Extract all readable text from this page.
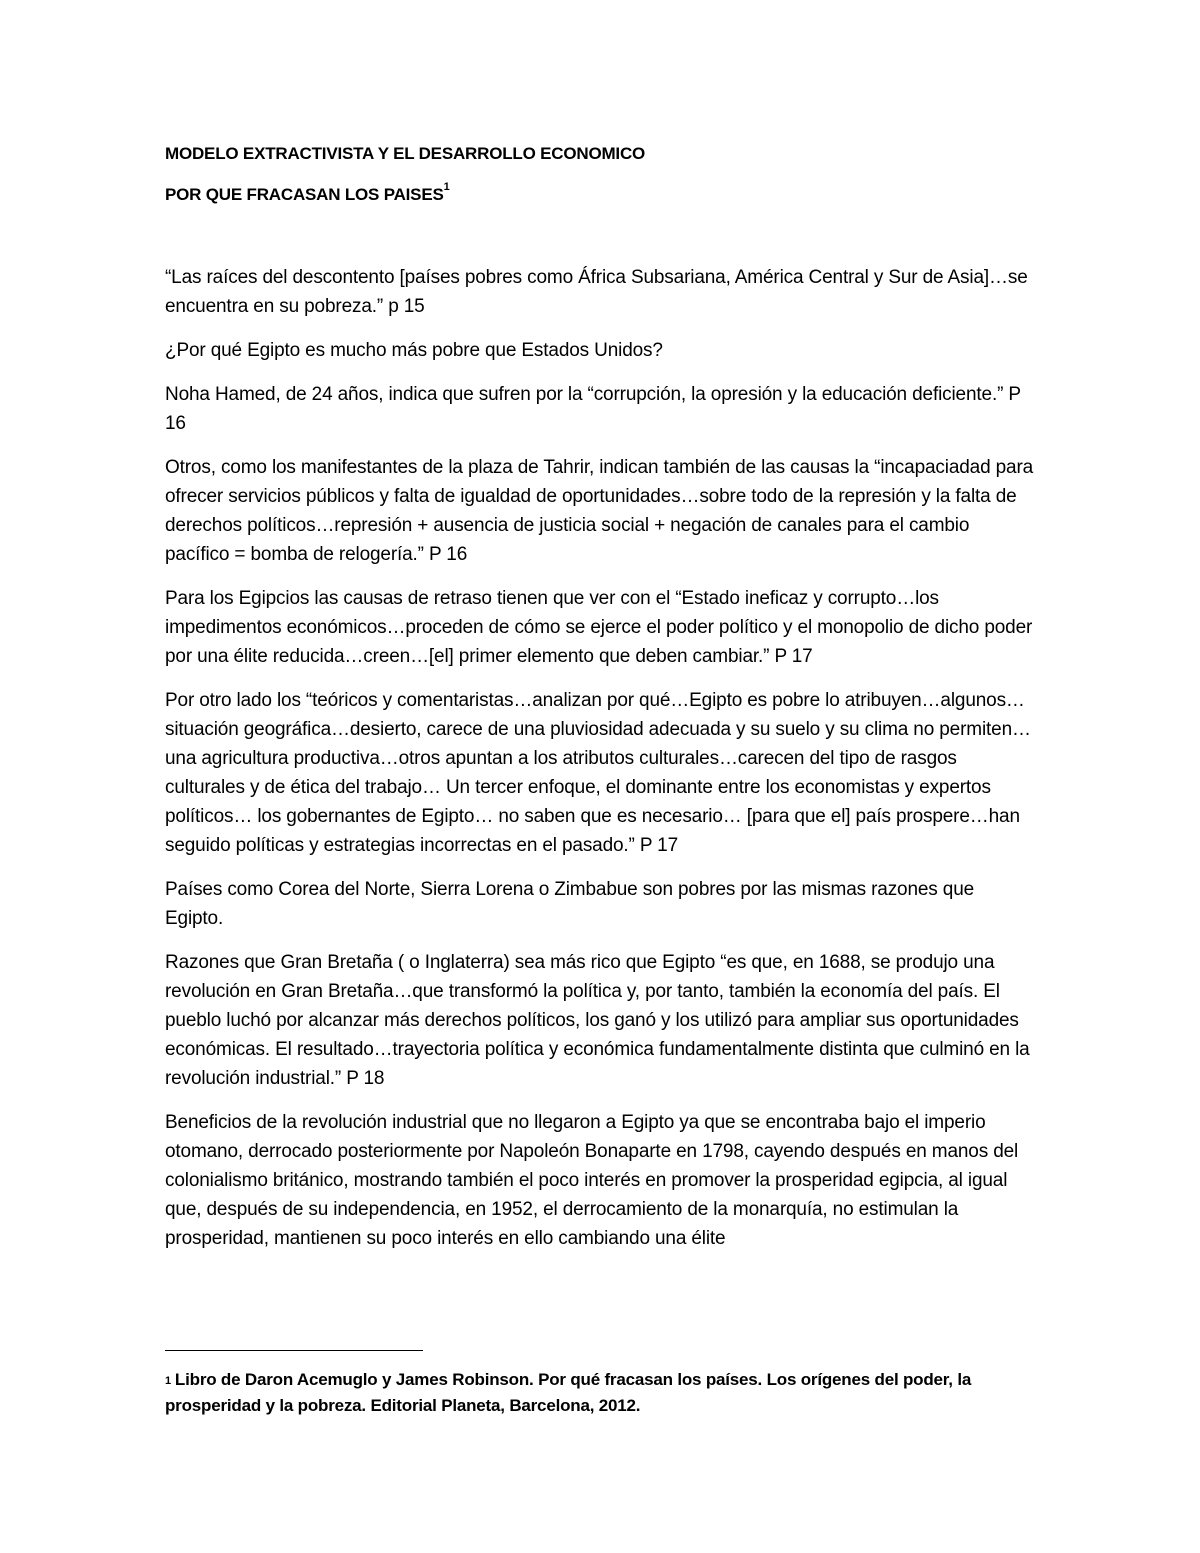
MODELO EXTRACTIVISTA Y EL DESARROLLO ECONOMICO
POR QUE FRACASAN LOS PAISES$^1$

“Las raíces del descontento [países pobres como África Subsariana, América Central y Sur de Asia]…se encuentra en su pobreza.” p 15

¿Por qué Egipto es mucho más pobre que Estados Unidos?

Noha Hamed, de 24 años, indica que sufren por la “corrupción, la opresión y la educación deficiente.” P 16

Otros, como los manifestantes de la plaza de Tahrir, indican también de las causas la “incapaciadad para ofrecer servicios públicos y falta de igualdad de oportunidades…sobre todo de la represión y la falta de derechos políticos…represión + ausencia de justicia social + negación de canales para el cambio pacífico = bomba de relogería.” P 16

Para los Egipcios las causas de retraso tienen que ver con el “Estado ineficaz y corrupto…los impedimentos económicos…proceden de cómo se ejerce el poder político y el monopolio de dicho poder por una élite reducida…creen…[el] primer elemento que deben cambiar.” P 17

Por otro lado los “teóricos y comentaristas…analizan por qué…Egipto es pobre lo atribuyen…algunos…situación geográfica…desierto, carece de una pluviosidad adecuada y su suelo y su clima no permiten…una agricultura productiva…otros apuntan a los atributos culturales…carecen del tipo de rasgos culturales y de ética del trabajo… Un tercer enfoque, el dominante entre los economistas y expertos políticos… los gobernantes de Egipto… no saben que es necesario… [para que el] país prospere…han seguido políticas y estrategias incorrectas en el pasado.” P 17

Países como Corea del Norte, Sierra Lorena o Zimbabue son pobres por las mismas razones que Egipto.

Razones que Gran Bretaña ( o Inglaterra) sea más rico que Egipto “es que, en 1688, se produjo una revolución en Gran Bretaña…que transformó la política y, por tanto, también la economía del país. El pueblo luchó por alcanzar más derechos políticos, los ganó y los utilizó para ampliar sus oportunidades económicas. El resultado…trayectoria política y económica fundamentalmente distinta que culminó en la revolución industrial.” P 18

Beneficios de la revolución industrial que no llegaron a Egipto ya que se encontraba bajo el imperio otomano, derrocado posteriormente por Napoleón Bonaparte en 1798, cayendo después en manos del colonialismo británico, mostrando también el poco interés en promover la prosperidad egipcia, al igual que, después de su independencia, en 1952, el derrocamiento de la monarquía, no estimulan la prosperidad, mantienen su poco interés en ello cambiando una élite

$^1$ Libro de Daron Acemuglo y James Robinson. Por qué fracasan los países. Los orígenes del poder, la prosperidad y la pobreza. Editorial Planeta, Barcelona, 2012.
